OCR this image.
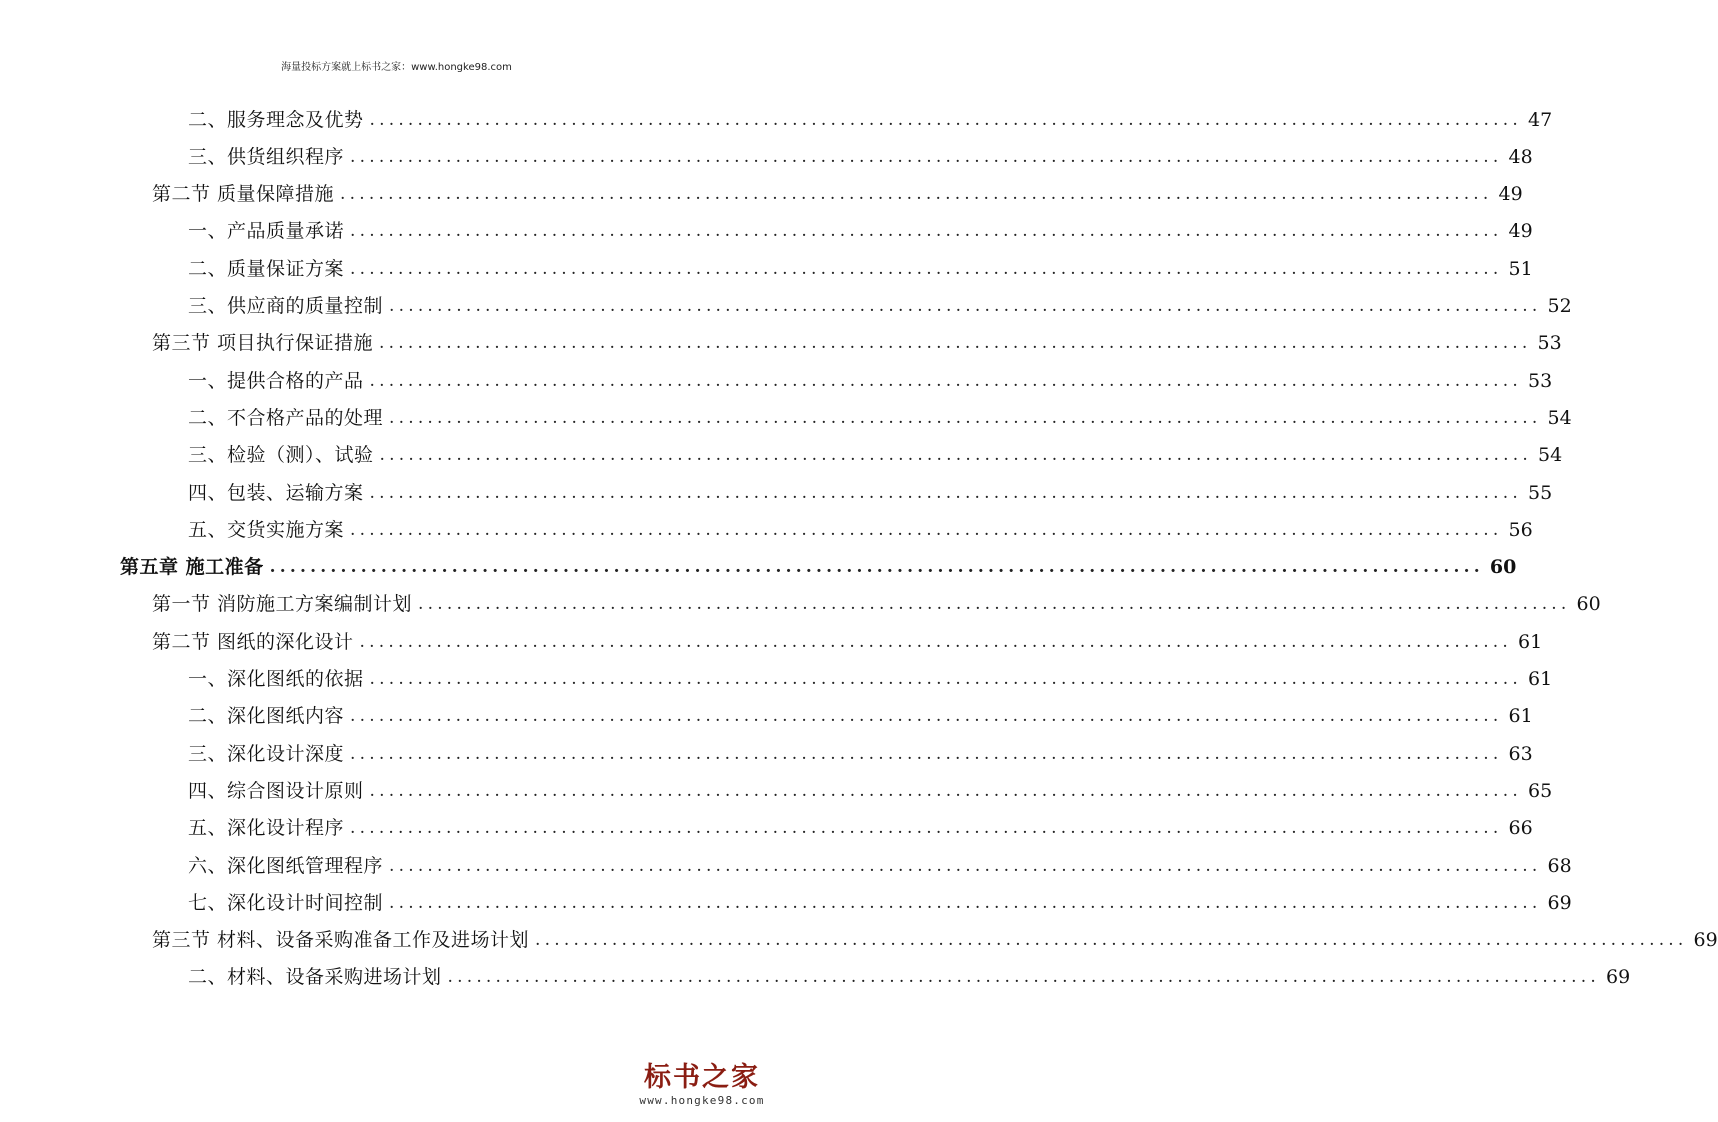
海量投标方案就上标书之家：www.hongke98.com
二、服务理念及优势 ........................................................................................................................ 47
三、供货组织程序 ........................................................................................................................ 48
第二节 质量保障措施 ........................................................................................................................ 49
一、产品质量承诺 ........................................................................................................................ 49
二、质量保证方案 ........................................................................................................................ 51
三、供应商的质量控制 ........................................................................................................................ 52
第三节 项目执行保证措施 ........................................................................................................................ 53
一、提供合格的产品 ........................................................................................................................ 53
二、不合格产品的处理 ........................................................................................................................ 54
三、检验（测）、试验 ........................................................................................................................ 54
四、包装、运输方案 ........................................................................................................................ 55
五、交货实施方案 ........................................................................................................................ 56
第五章 施工准备 ........................................................................................................................ 60
第一节 消防施工方案编制计划 ........................................................................................................................ 60
第二节 图纸的深化设计 ........................................................................................................................ 61
一、深化图纸的依据 ........................................................................................................................ 61
二、深化图纸内容 ........................................................................................................................ 61
三、深化设计深度 ........................................................................................................................ 63
四、综合图设计原则 ........................................................................................................................ 65
五、深化设计程序 ........................................................................................................................ 66
六、深化图纸管理程序 ........................................................................................................................ 68
七、深化设计时间控制 ........................................................................................................................ 69
第三节 材料、设备采购准备工作及进场计划 ........................................................................................................................ 69
二、材料、设备采购进场计划 ........................................................................................................................ 69
标书之家
www.hongke98.com
